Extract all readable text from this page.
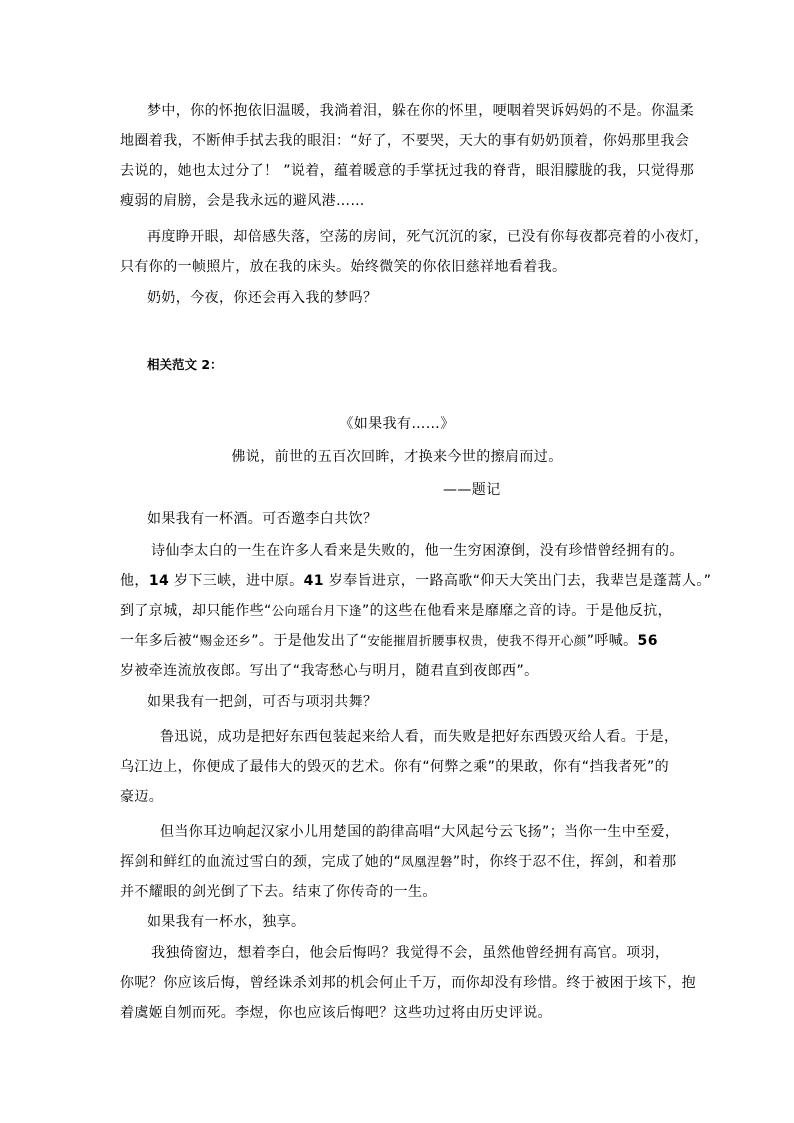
梦中，你的怀抱依旧温暖，我淌着泪，躲在你的怀里，哽咽着哭诉妈妈的不是。你温柔
地圈着我，不断伸手拭去我的眼泪：“好了，不要哭，天大的事有奶奶顶着，你妈那里我会
去说的，她也太过分了！ ”说着，蕴着暖意的手掌抚过我的脊背，眼泪朦胧的我，只觉得那
瘦弱的肩膀，会是我永远的避风港……
再度睁开眼，却倍感失落，空荡的房间，死气沉沉的家，已没有你每夜都亮着的小夜灯，
只有你的一帧照片，放在我的床头。始终微笑的你依旧慈祥地看着我。

奶奶，今夜，你还会再入我的梦吗？

相关范文 2：

《如果我有……》

佛说，前世的五百次回眸，才换来今世的擦肩而过。

——题记

如果我有一杯酒。可否邀李白共饮？

诗仙李太白的一生在许多人看来是失败的，他一生穷困潦倒，没有珍惜曾经拥有的。
他，14 岁下三峡，进中原。41 岁奉旨进京，一路高歌“仰天大笑出门去，我辈岂是蓬蒿人。”
到了京城，却只能作些“公向瑶台月下逢”的这些在他看来是靡靡之音的诗。于是他反抗，
一年多后被“赐金还乡”。于是他发出了“安能摧眉折腰事权贵，使我不得开心颜”呼喊。56
岁被牵连流放夜郎。写出了“我寄愁心与明月，随君直到夜郎西”。

如果我有一把剑，可否与项羽共舞？

鲁迅说，成功是把好东西包装起来给人看，而失败是把好东西毁灭给人看。于是，
乌江边上，你便成了最伟大的毁灭的艺术。你有“何弊之乘”的果敢，你有“挡我者死”的
豪迈。
但当你耳边响起汉家小儿用楚国的韵律高唱“大风起兮云飞扬”；当你一生中至爱，
挥剑和鲜红的血流过雪白的颈，完成了她的“凤凰涅磐”时，你终于忍不住，挥剑，和着那
并不耀眼的剑光倒了下去。结束了你传奇的一生。

如果我有一杯水，独享。

我独倚窗边，想着李白，他会后悔吗？我觉得不会，虽然他曾经拥有高官。项羽，
你呢？你应该后悔，曾经诛杀刘邦的机会何止千万，而你却没有珍惜。终于被困于垓下，抱
着虞姬自刎而死。李煜，你也应该后悔吧？这些功过将由历史评说。
